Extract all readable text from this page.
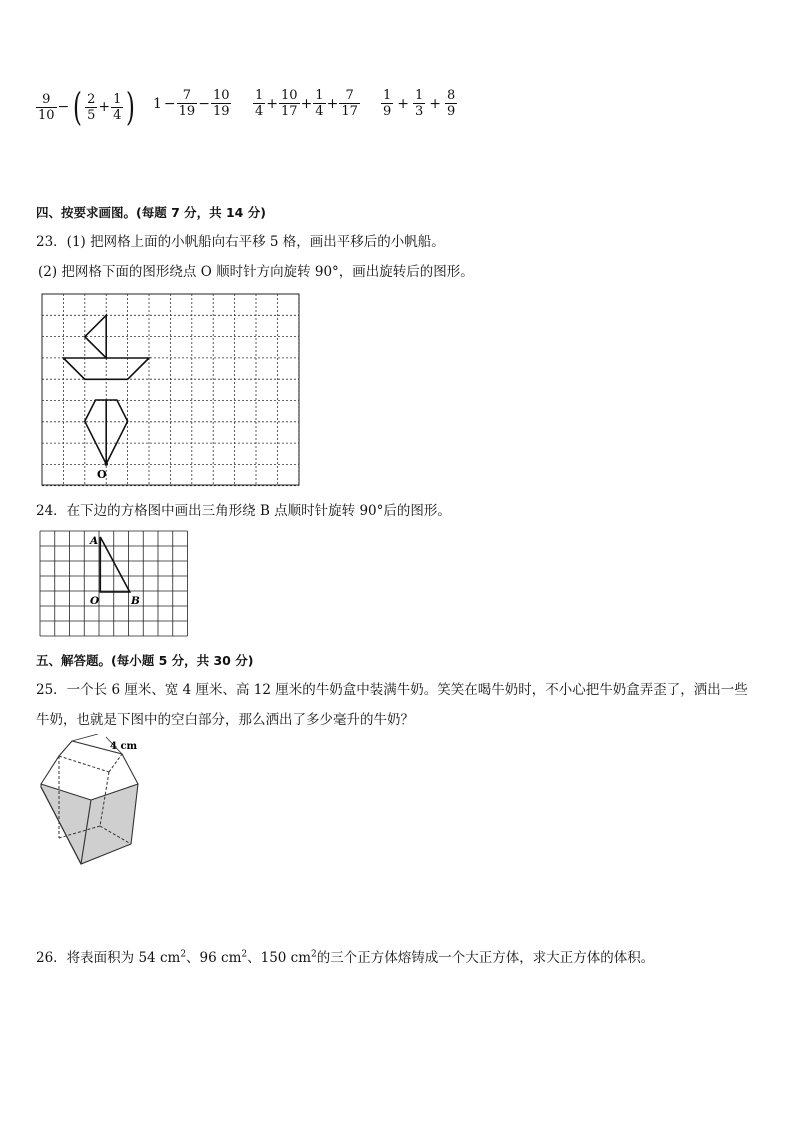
$\frac{9}{10}$ − ( $\frac{2}{5} + \frac{1}{4}$ ) $1 - \frac{7}{19} - \frac{10}{19} \frac{1}{4} + \frac{10}{17} + \frac{1}{4} + \frac{7}{17} \frac{1}{9} + \frac{1}{3} + \frac{8}{9}$
四、按要求画图。(每题 7 分，共 14 分)
23．(1) 把网格上面的小帆船向右平移 5 格，画出平移后的小帆船。
(2) 把网格下面的图形绕点 O 顺时针方向旋转 90°，画出旋转后的图形。
O
24．在下边的方格图中画出三角形绕 B 点顺时针旋转 90°后的图形。
A
O	B
五、解答题。(每小题 5 分，共 30 分)
25．一个长 6 厘米、宽 4 厘米、高 12 厘米的牛奶盒中装满牛奶。笑笑在喝牛奶时，不小心把牛奶盒弄歪了，洒出一些
牛奶，也就是下图中的空白部分，那么洒出了多少毫升的牛奶？
4 cm
26．将表面积为 54 $cm^2$、96 $cm^2$、150 $cm^2$的三个正方体熔铸成一个大正方体，求大正方体的体积。
